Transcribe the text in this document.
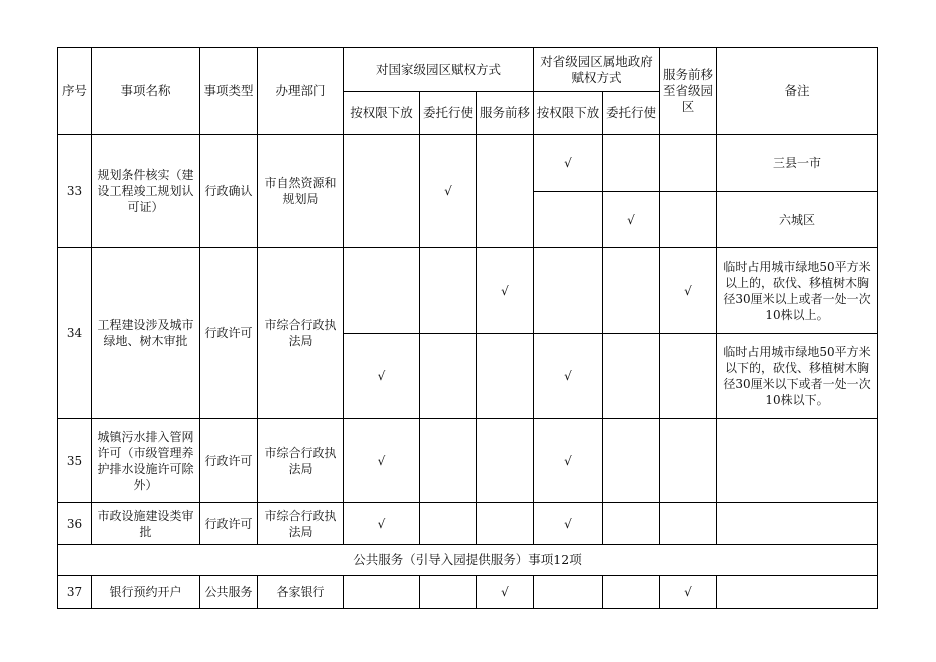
序号	事项名称	事项类型	办理部门	对国家级园区赋权方式			对省级园区属地政府赋权方式		服务前移至省级园区	备注
				按权限下放	委托行使	服务前移	按权限下放	委托行使		
33	规划条件核实（建设工程竣工规划认可证）	行政确认	市自然资源和规划局		√		√			三县一市
								√		六城区
34	工程建设涉及城市绿地、树木审批	行政许可	市综合行政执法局			√			√	临时占用城市绿地50平方米以上的，砍伐、移植树木胸径30厘米以上或者一处一次10株以上。

				√			√			临时占用城市绿地50平方米以下的，砍伐、移植树木胸径30厘米以下或者一处一次10株以下。

35	城镇污水排入管网许可（市级管理养护排水设施许可除外）	行政许可	市综合行政执法局	√			√			
36	市政设施建设类审批	行政许可	市综合行政执法局	√			√			
公共服务（引导入园提供服务）事项12项										
37	银行预约开户	公共服务	各家银行			√			√	
